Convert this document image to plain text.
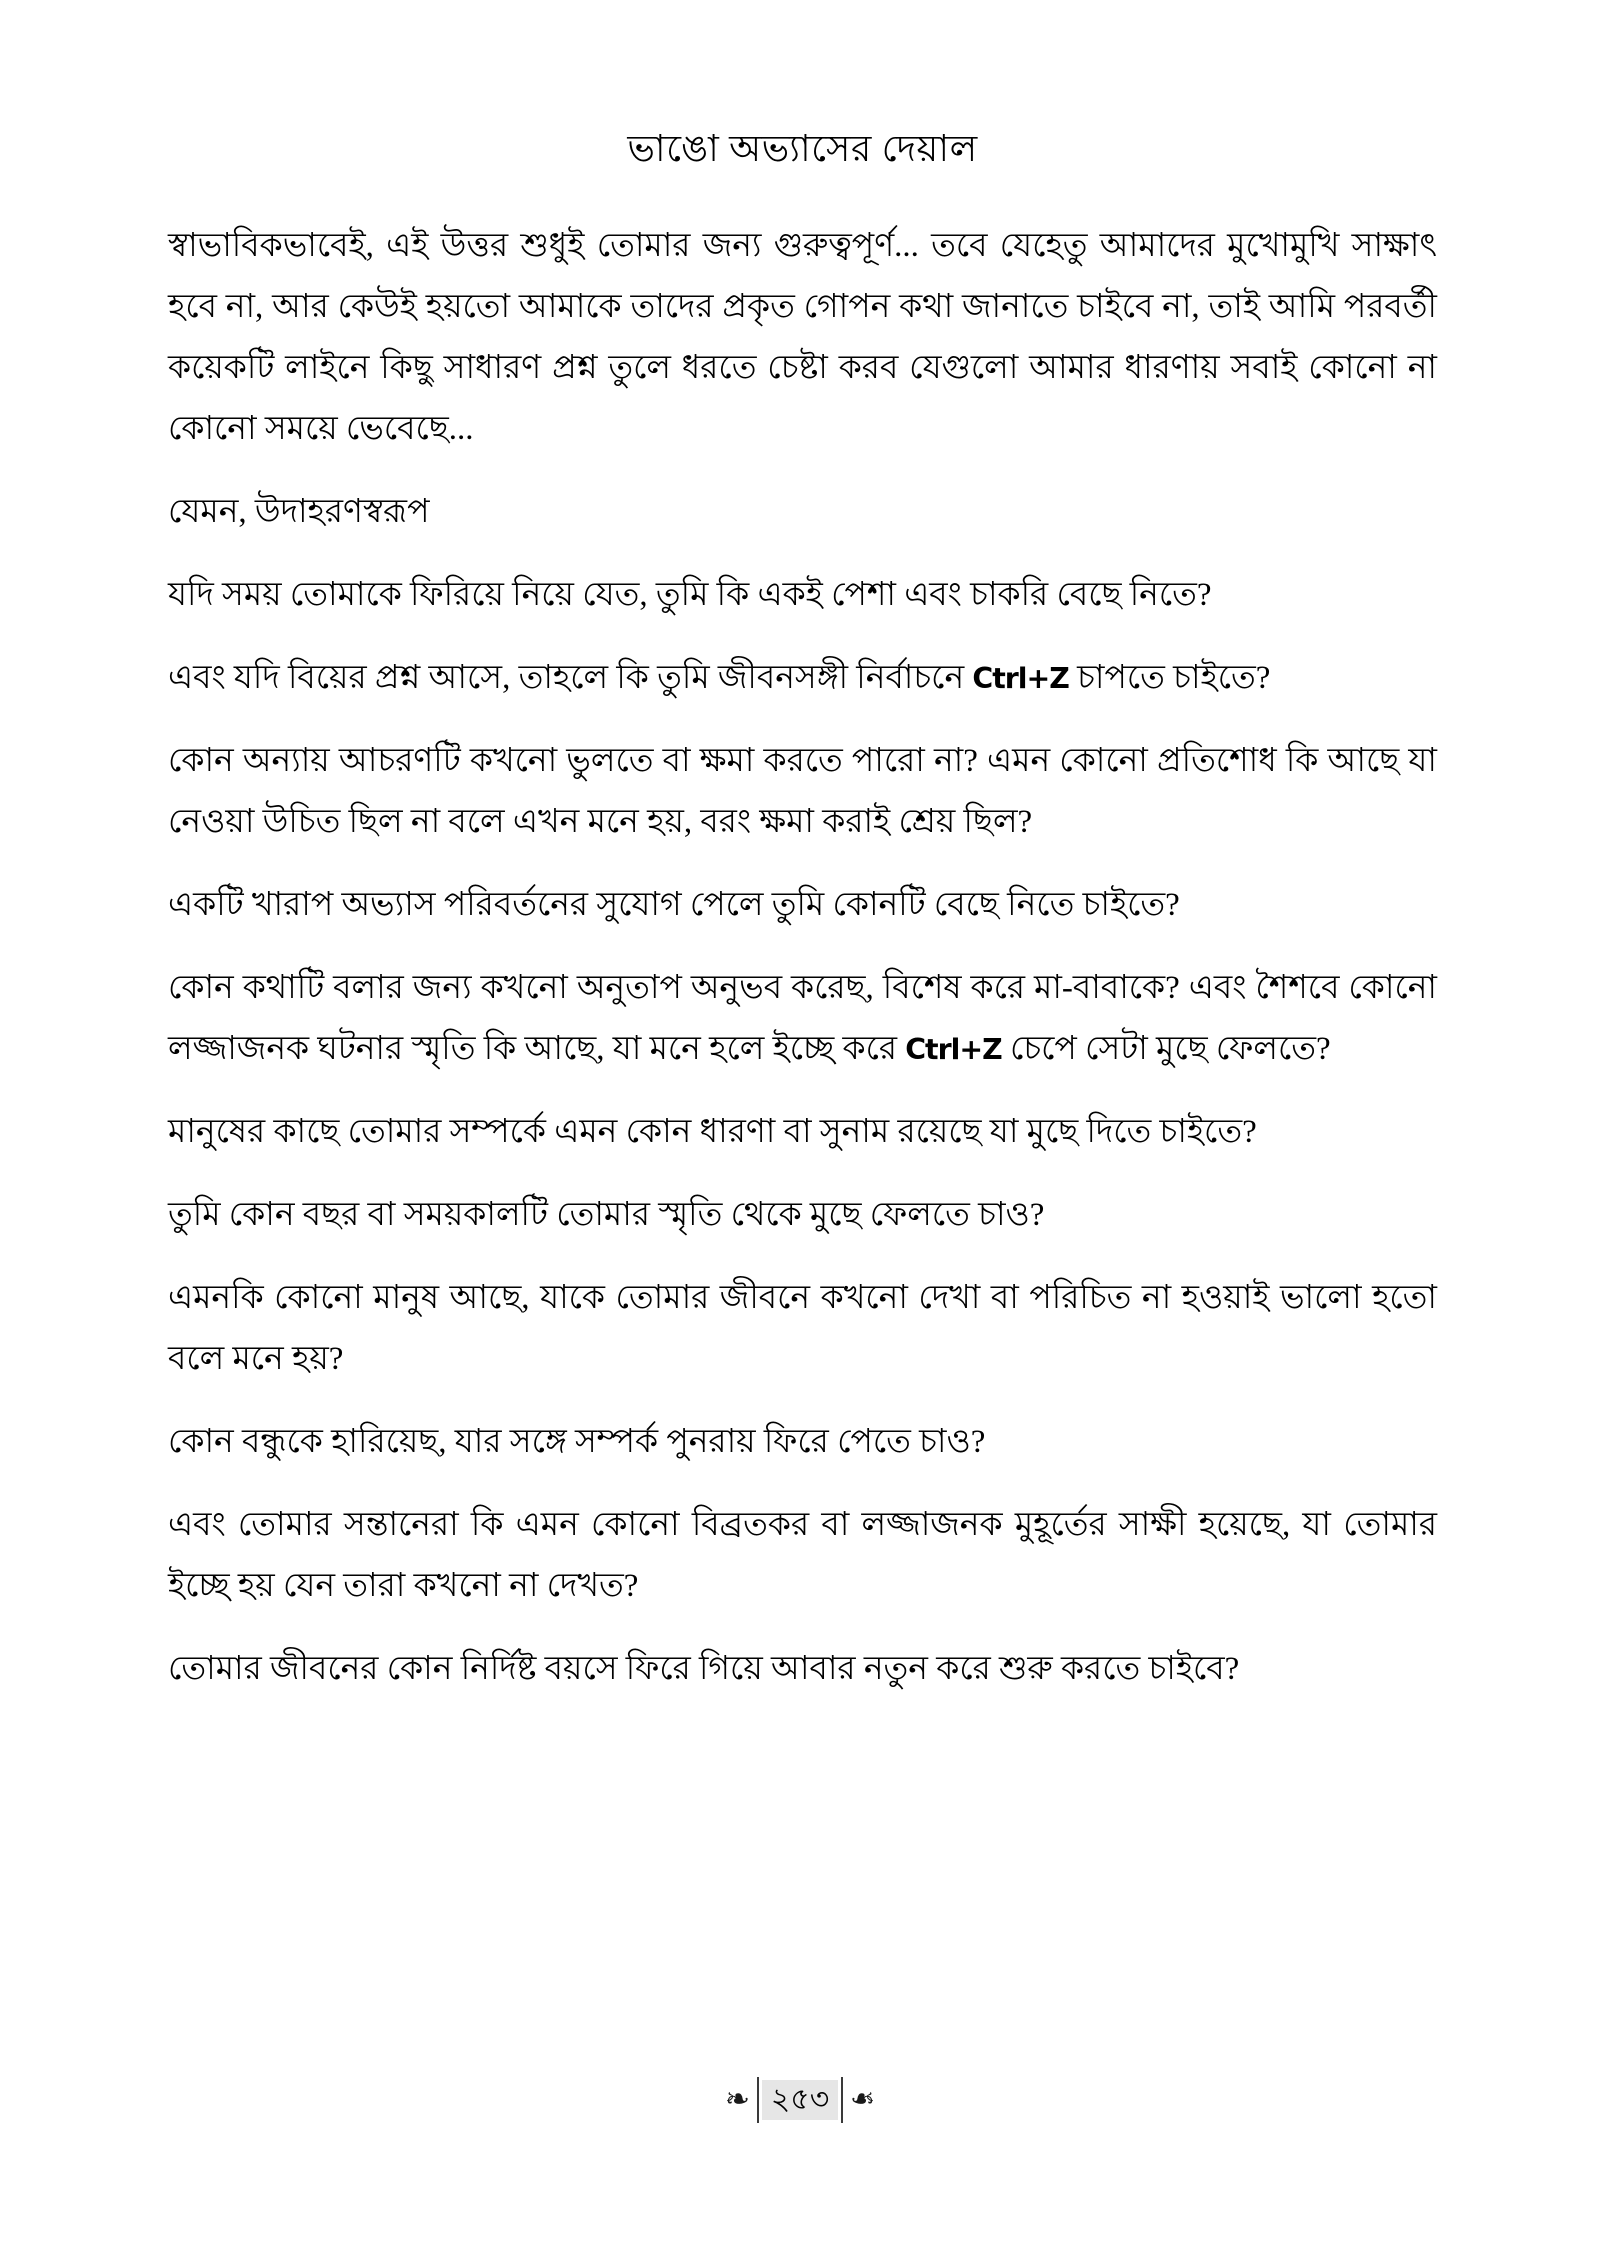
ভাঙো অভ্যাসের দেয়াল

স্বাভাবিকভাবেই, এই উত্তর শুধুই তোমার জন্য গুরুত্বপূর্ণ... তবে যেহেতু আমাদের মুখোমুখি সাক্ষাৎ হবে না, আর কেউই হয়তো আমাকে তাদের প্রকৃত গোপন কথা জানাতে চাইবে না, তাই আমি পরবর্তী কয়েকটি লাইনে কিছু সাধারণ প্রশ্ন তুলে ধরতে চেষ্টা করব যেগুলো আমার ধারণায় সবাই কোনো না কোনো সময়ে ভেবেছে...

যেমন, উদাহরণস্বরূপ

যদি সময় তোমাকে ফিরিয়ে নিয়ে যেত, তুমি কি একই পেশা এবং চাকরি বেছে নিতে?

এবং যদি বিয়ের প্রশ্ন আসে, তাহলে কি তুমি জীবনসঙ্গী নির্বাচনে Ctrl+Z চাপতে চাইতে?

কোন অন্যায় আচরণটি কখনো ভুলতে বা ক্ষমা করতে পারো না? এমন কোনো প্রতিশোধ কি আছে যা নেওয়া উচিত ছিল না বলে এখন মনে হয়, বরং ক্ষমা করাই শ্রেয় ছিল?

একটি খারাপ অভ্যাস পরিবর্তনের সুযোগ পেলে তুমি কোনটি বেছে নিতে চাইতে?

কোন কথাটি বলার জন্য কখনো অনুতাপ অনুভব করেছ, বিশেষ করে মা-বাবাকে? এবং শৈশবে কোনো লজ্জাজনক ঘটনার স্মৃতি কি আছে, যা মনে হলে ইচ্ছে করে Ctrl+Z চেপে সেটা মুছে ফেলতে?

মানুষের কাছে তোমার সম্পর্কে এমন কোন ধারণা বা সুনাম রয়েছে যা মুছে দিতে চাইতে?

তুমি কোন বছর বা সময়কালটি তোমার স্মৃতি থেকে মুছে ফেলতে চাও?

এমনকি কোনো মানুষ আছে, যাকে তোমার জীবনে কখনো দেখা বা পরিচিত না হওয়াই ভালো হতো বলে মনে হয়?

কোন বন্ধুকে হারিয়েছ, যার সঙ্গে সম্পর্ক পুনরায় ফিরে পেতে চাও?

এবং তোমার সন্তানেরা কি এমন কোনো বিব্রতকর বা লজ্জাজনক মুহূর্তের সাক্ষী হয়েছে, যা তোমার ইচ্ছে হয় যেন তারা কখনো না দেখত?

তোমার জীবনের কোন নির্দিষ্ট বয়সে ফিরে গিয়ে আবার নতুন করে শুরু করতে চাইবে?

❧ ২৫৩ ❧
